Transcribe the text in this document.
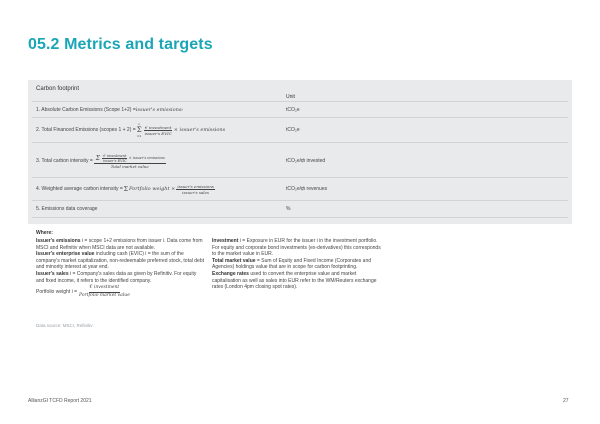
05.2 Metrics and targets
Carbon footprint
Unit
1. Absolute Carbon Emissions (Scope 1+2) = issuer's emissions i	tCO₂e
2. Total Financed Emissions (scopes 1 + 2) =
n
Σ
i=1
$\frac{\text{€ investment}}{\text{issuer's EVIC}}$ × issuer's emissions	tCO₂e
3. Total carbon intensity = Σ $\frac{\text{€ investment}}{\text{issuer's EVIC}}$ × issuer's emissions
Total market value
tCO₂e/₥ invested
4. Weighted average carbon intensity = Σ Portfolio weight × $\frac{\text{issuer's emissions}}{\text{issuer's sales}}$	tCO₂e/₥ revenues
5. Emissions data coverage	%
Where:

Issuer's emissions i = scope 1+2 emissions from issuer i. Data come from MSCI and Refinitiv when MSCI data are not available.

Issuer's enterprise value including cash (EVIC) i = the sum of the company's market capitalization, non-redeemable preferred stock, total debt and minority interest at year end.

Issuer's sales i = Company's sales data as given by Refinitiv. For equity and fixed income, it refers to the identified company.

Portfolio weight $i = \frac{\text{€ investment}}{\text{Portfolio market value}}$

Investment i = Exposure in EUR for the issuer i in the investment portfolio. For equity and corporate bond investments (ex-derivatives) this corresponds to the market value in EUR.

Total market value = Sum of Equity and Fixed Income (Corporates and Agencies) holdings value that are in scope for carbon footprinting.

Exchange rates used to convert the enterprise value and market capitalisation as well as sales into EUR refer to the WM/Reuters exchange rates (London 4pm closing spot rates).

Data source: MSCI, Refinitiv
AllianzGI TCFD Report 2021	27
